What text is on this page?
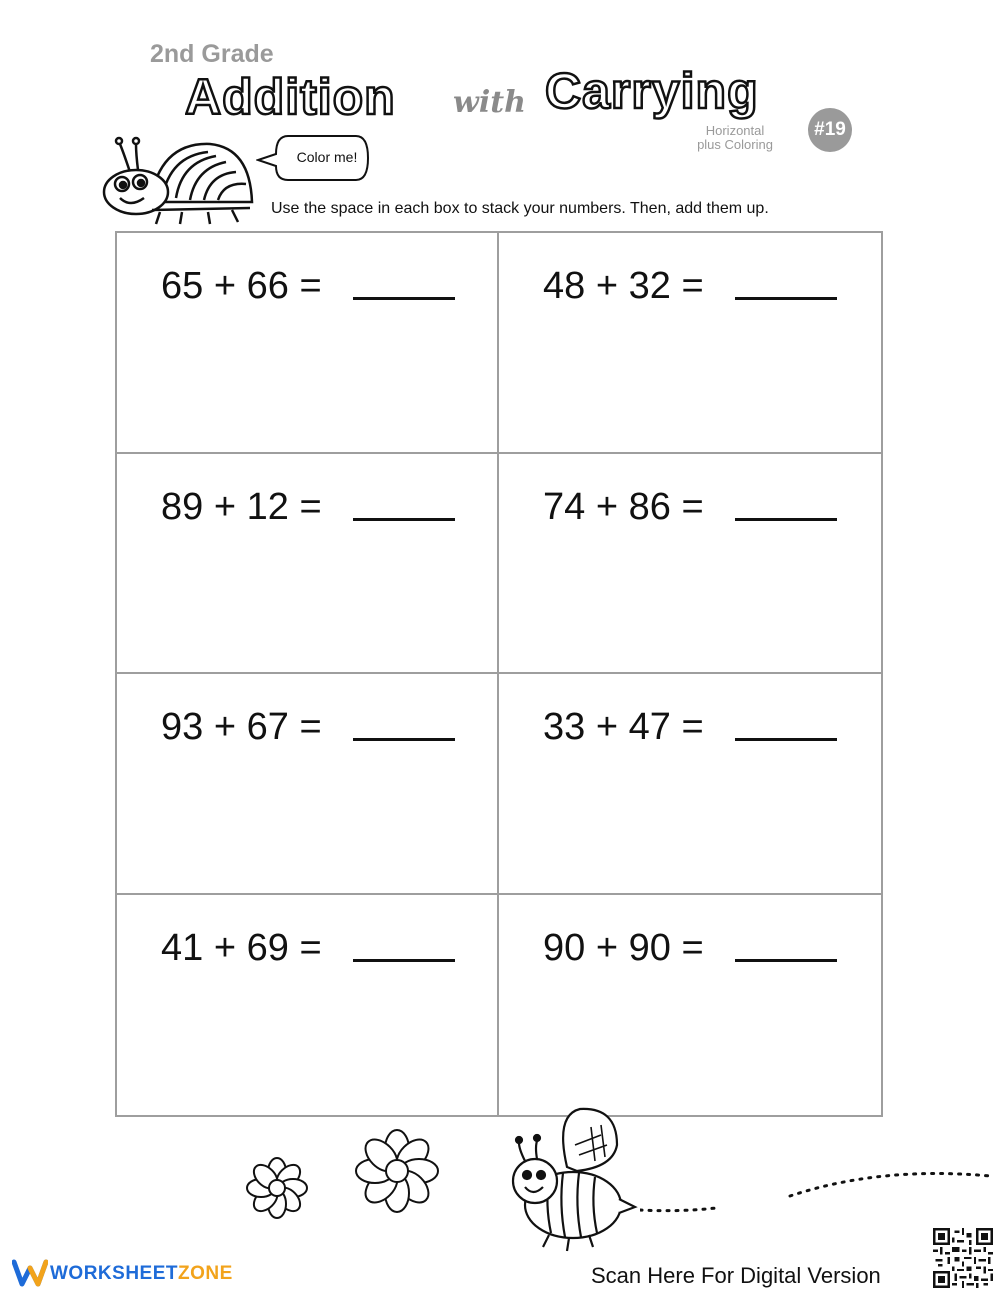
2nd Grade
Addition with Carrying
Horizontal
plus Coloring
#19
Color me!
Use the space in each box to stack your numbers. Then, add them up.
65 + 66 =	48 + 32 =
89 + 12 =	74 + 86 =
93 + 67 =	33 + 47 =
41 + 69 =	90 + 90 =
WORKSHEETZONE	Scan Here For Digital Version
